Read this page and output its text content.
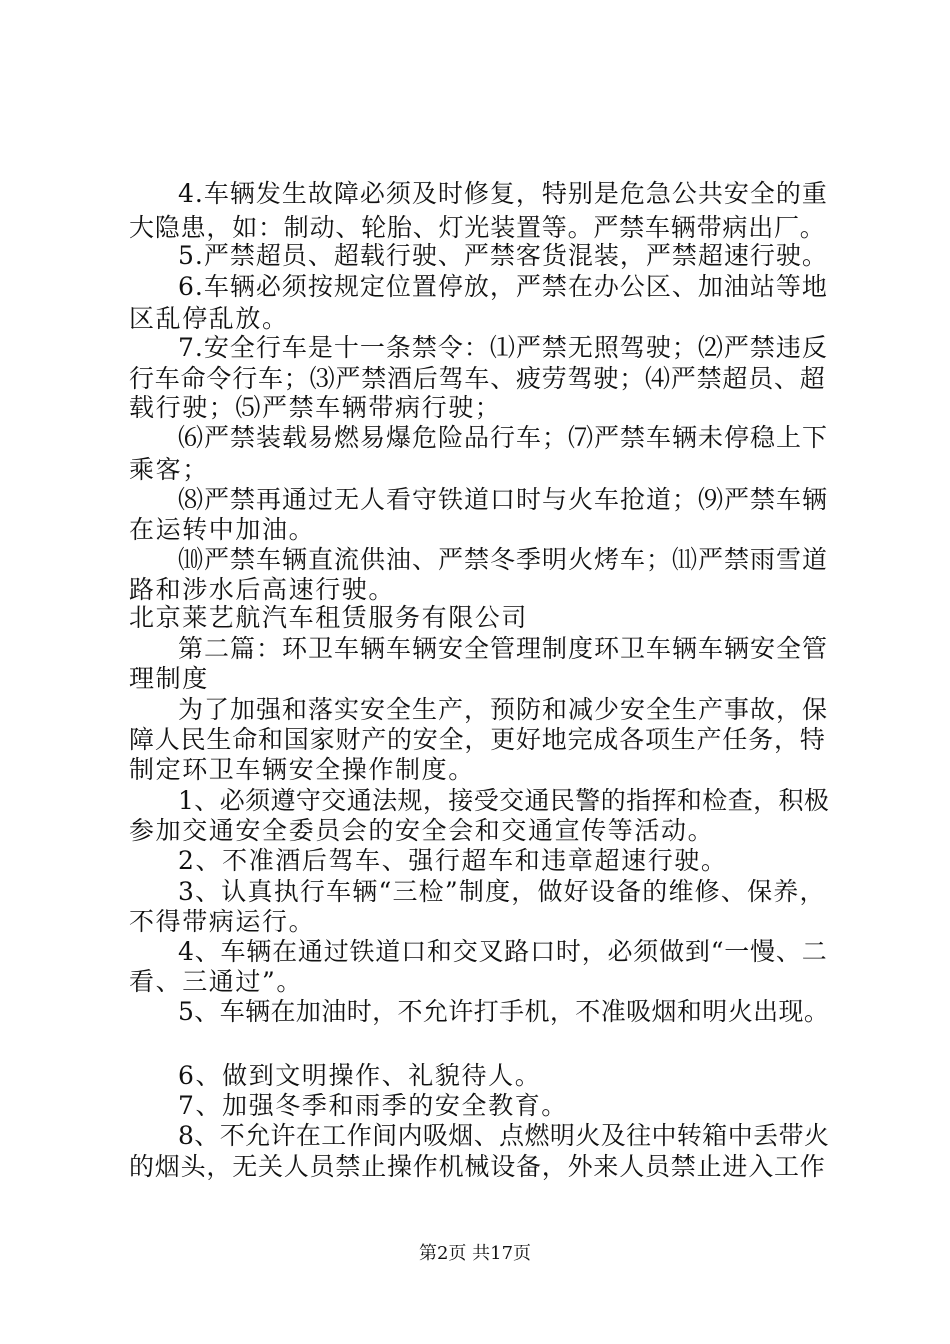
4.车辆发生故障必须及时修复，特别是危急公共安全的重
大隐患，如：制动、轮胎、灯光装置等。严禁车辆带病出厂。
5.严禁超员、超载行驶、严禁客货混装，严禁超速行驶。
6.车辆必须按规定位置停放，严禁在办公区、加油站等地
区乱停乱放。
7.安全行车是十一条禁令：⑴严禁无照驾驶；⑵严禁违反
行车命令行车；⑶严禁酒后驾车、疲劳驾驶；⑷严禁超员、超
载行驶；⑸严禁车辆带病行驶；
⑹严禁装载易燃易爆危险品行车；⑺严禁车辆未停稳上下
乘客；
⑻严禁再通过无人看守铁道口时与火车抢道；⑼严禁车辆
在运转中加油。
⑽严禁车辆直流供油、严禁冬季明火烤车；⑾严禁雨雪道
路和涉水后高速行驶。
北京莱艺航汽车租赁服务有限公司
第二篇：环卫车辆车辆安全管理制度环卫车辆车辆安全管
理制度
为了加强和落实安全生产，预防和减少安全生产事故，保
障人民生命和国家财产的安全，更好地完成各项生产任务，特
制定环卫车辆安全操作制度。
1、必须遵守交通法规，接受交通民警的指挥和检查，积极
参加交通安全委员会的安全会和交通宣传等活动。
2、不准酒后驾车、强行超车和违章超速行驶。
3、认真执行车辆“三检”制度，做好设备的维修、保养，
不得带病运行。
4、车辆在通过铁道口和交叉路口时，必须做到“一慢、二
看、三通过”。
5、车辆在加油时，不允许打手机，不准吸烟和明火出现。
6、做到文明操作、礼貌待人。
7、加强冬季和雨季的安全教育。
8、不允许在工作间内吸烟、点燃明火及往中转箱中丢带火
的烟头，无关人员禁止操作机械设备，外来人员禁止进入工作
第2页 共17页
